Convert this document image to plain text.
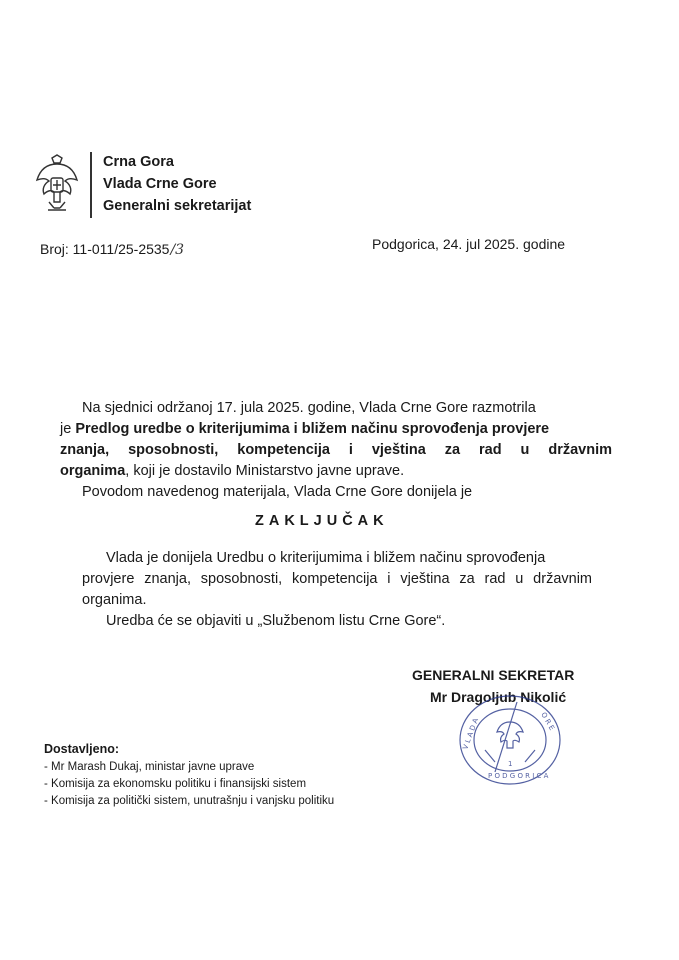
Crna Gora
Vlada Crne Gore
Generalni sekretarijat
Broj: 11-011/25-2535/3	Podgorica, 24. jul 2025. godine
Na sjednici održanoj 17. jula 2025. godine, Vlada Crne Gore razmotrila
je Predlog uredbe o kriterijumima i bližem načinu sprovođenja provjere
znanja, sposobnosti, kompetencija i vještina za rad u državnim
organima, koji je dostavilo Ministarstvo javne uprave.
Povodom navedenog materijala, Vlada Crne Gore donijela je
ZAKLJUČAK
Vlada je donijela Uredbu o kriterijumima i bližem načinu sprovođenja
provjere znanja, sposobnosti, kompetencija i vještina za rad u državnim
organima.
Uredba će se objaviti u „Službenom listu Crne Gore“.
GENERALNI SEKRETAR
Mr Dragoljub Nikolić
V L A D A	O R E
P O D G O R I C A
1
Dostavljeno:
- Mr Marash Dukaj, ministar javne uprave
- Komisija za ekonomsku politiku i finansijski sistem
- Komisija za politički sistem, unutrašnju i vanjsku politiku
